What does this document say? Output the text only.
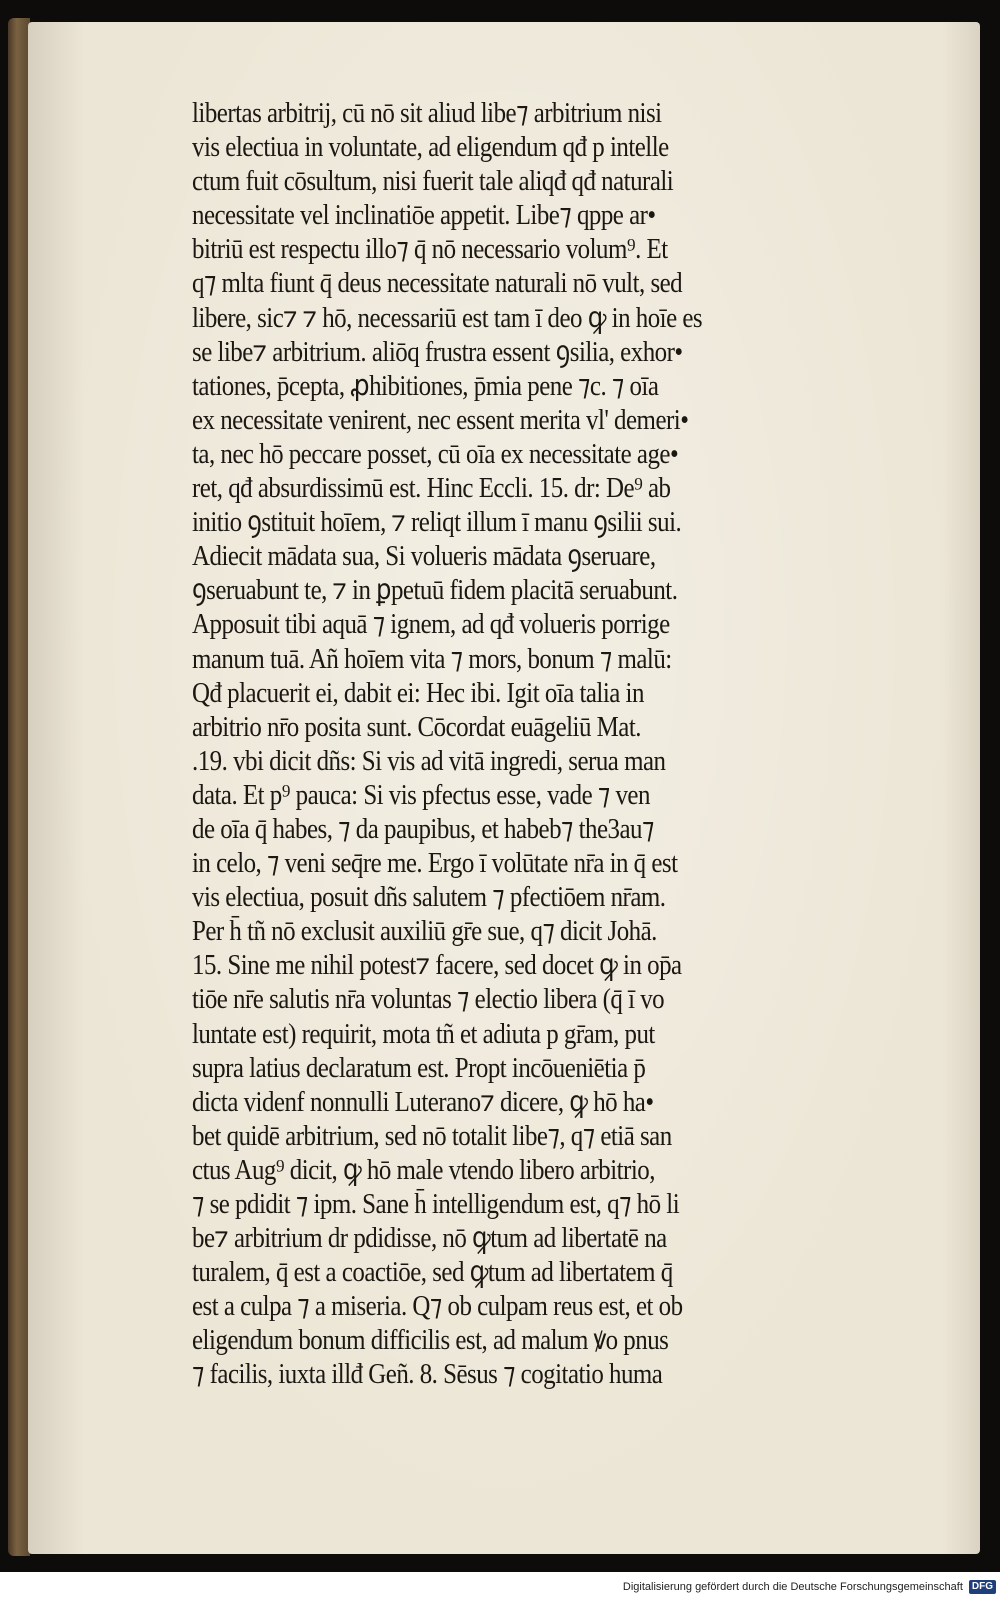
libertas arbitrij, cū nō sit aliud libe⁊ arbitrium nisi
vis electiua in voluntate, ad eligendum qđ p intelle
ctum fuit cōsultum, nisi fuerit tale aliqđ qđ naturali
necessitate vel inclinatiōe appetit. Libe⁊ qppe ar•
bitriū est respectu illo⁊ q̄ nō necessario volum⁹. Et
q⁊ mlta fiunt q̄ deus necessitate naturali nō vult, sed
libere, sic⁊ ⁊ hō, necessariū est tam ī deo ꝙ in hoīe es
se libe⁊ arbitrium. aliōq frustra essent ꝯsilia, exhor•
tationes, p̄cepta, ꝓhibitiones, p̄mia pene ⁊c. ⁊ oīa
ex necessitate venirent, nec essent merita vl' demeri•
ta, nec hō peccare posset, cū oīa ex necessitate age•
ret, qđ absurdissimū est. Hinc Eccli. 15. dr: De⁹ ab
initio ꝯstituit hoīem, ⁊ reliqt illum ī manu ꝯsilii sui.
Adiecit mādata sua, Si volueris mādata ꝯseruare,
ꝯseruabunt te, ⁊ in ꝑpetuū fidem placitā seruabunt.
Apposuit tibi aquā ⁊ ignem, ad qđ volueris porrige
manum tuā. Añ hoīem vita ⁊ mors, bonum ⁊ malū:
Qđ placuerit ei, dabit ei: Hec ibi. Igit oīa talia in
arbitrio nr̄o posita sunt. Cōcordat euāgeliū Mat.
.19. vbi dicit dñs: Si vis ad vitā ingredi, serua man
data. Et p⁹ pauca: Si vis pfectus esse, vade ⁊ ven
de oīa q̄ habes, ⁊ da paupibus, et habeb⁊ the3au⁊
in celo, ⁊ veni seq̄re me. Ergo ī volūtate nr̄a in q̄ est
vis electiua, posuit dñs salutem ⁊ pfectiōem nr̄am.
Per h̄ tñ nō exclusit auxiliū gr̄e sue, q⁊ dicit Johā.
15. Sine me nihil potest⁊ facere, sed docet ꝙ in op̄a
tiōe nr̄e salutis nr̄a voluntas ⁊ electio libera (q̄ ī vo
luntate est) requirit, mota tñ et adiuta p gr̄am, put
supra latius declaratum est. Propt incōueniētia p̄
dicta videnf nonnulli Luterano⁊ dicere, ꝙ hō ha•
bet quidē arbitrium, sed nō totalit libe⁊, q⁊ etiā san
ctus Aug⁹ dicit, ꝙ hō male vtendo libero arbitrio,
⁊ se pdidit ⁊ ipm. Sane h̄ intelligendum est, q⁊ hō li
be⁊ arbitrium dr pdidisse, nō ꝙtum ad libertatē na
turalem, q̄ est a coactiōe, sed ꝙtum ad libertatem q̄
est a culpa ⁊ a miseria. Q⁊ ob culpam reus est, et ob
eligendum bonum difficilis est, ad malum ꝟo pnus
⁊ facilis, iuxta illđ Geñ. 8. Sēsus ⁊ cogitatio huma
Digitalisierung gefördert durch die Deutsche Forschungsgemeinschaft DFG
